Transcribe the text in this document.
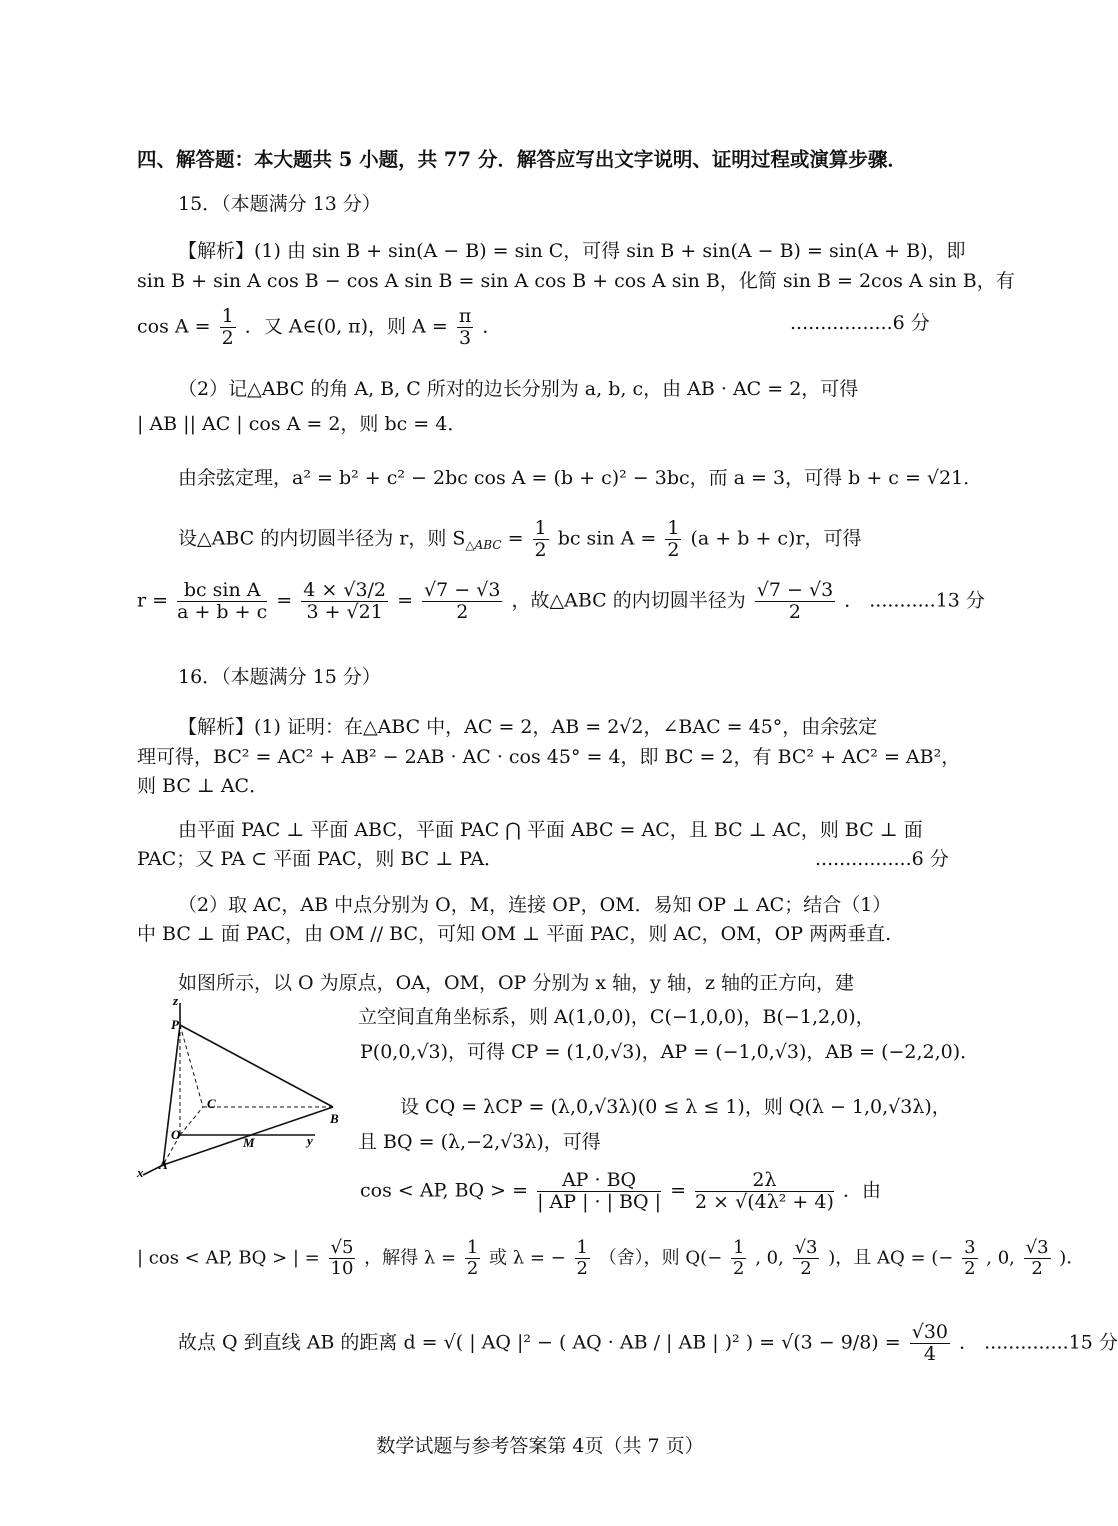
四、解答题：本大题共 5 小题，共 77 分．解答应写出文字说明、证明过程或演算步骤．
15．（本题满分 13 分）
【解析】(1) 由 sin B + sin(A − B) = sin C，可得 sin B + sin(A − B) = sin(A + B)，即
sin B + sin A cos B − cos A sin B = sin A cos B + cos A sin B，化简 sin B = 2cos A sin B，有
$\cos A = \frac{1}{2}$ ．又 A∈(0, π)，则 $A = \frac{\pi}{3}$ ．	.................6 分
（2）记△ABC 的角 A, B, C 所对的边长分别为 a, b, c，由 AB · AC = 2，可得
| AB || AC | cos A = 2，则 bc = 4．
由余弦定理，a² = b² + c² − 2bc cos A = (b + c)² − 3bc，而 a = 3，可得 b + c = √21．
设△ABC 的内切圆半径为 r，则 $S_{\triangle ABC} = \frac{1}{2}$ bc $\sin A = \frac{1}{2} (a + b + c)r$，可得
$r = \frac{\text{bc sin A}}{a + b + c} = \frac{4 \times √3/2}{3 + √21} = \frac{√7 - √3}{2}$ ，故△ABC 的内切圆半径为 $\frac{√7 - √3}{2}$ ． ...........13 分
16．（本题满分 15 分）
【解析】(1) 证明：在△ABC 中，AC = 2，AB = 2√2，∠BAC = 45°，由余弦定
理可得，BC² = AC² + AB² − 2AB · AC · cos 45° = 4，即 BC = 2，有 BC² + AC² = AB²，
则 BC ⊥ AC．
由平面 PAC ⊥ 平面 ABC，平面 PAC ⋂ 平面 ABC = AC，且 BC ⊥ AC，则 BC ⊥ 面
PAC；又 PA ⊂ 平面 PAC，则 BC ⊥ PA．	................6 分
（2）取 AC，AB 中点分别为 O，M，连接 OP，OM．易知 OP ⊥ AC；结合（1）
中 BC ⊥ 面 PAC，由 OM // BC，可知 OM ⊥ 平面 PAC，则 AC，OM，OP 两两垂直.
如图所示，以 O 为原点，OA，OM，OP 分别为 x 轴，y 轴，z 轴的正方向，建
z
P
C
B
O
M	y
x
A
立空间直角坐标系，则 A(1,0,0)，C(−1,0,0)，B(−1,2,0)，
P(0,0,√3)，可得 CP = (1,0,√3)，AP = (−1,0,√3)，AB = (−2,2,0)．
设 CQ = λCP = (λ,0,√3λ)(0 ≤ λ ≤ 1)，则 Q(λ − 1,0,√3λ)，
且 BQ = (λ,−2,√3λ)，可得
cos < AP, BQ > = $\frac{AP \cdot BQ}{| AP | \cdot | BQ |} = \frac{2\lambda}{\text{2 × √(4λ² + 4)}}$ ．由
| cos < AP, BQ > | = $\frac{√5}{10}$ ，解得 $\lambda = \frac{1}{2}$ 或 λ = − $\frac{1}{2}$ （舍），则 $Q(- \frac{1}{2}$ , 0, $\frac{√3}{2}$ )，且 AQ = (− $\frac{3}{2}$ , 0, $\frac{√3}{2}$ )．
故点 Q 到直线 AB 的距离 d = √( | AQ |² − ( AQ · AB / | AB | )² ) = $√(3 - 9/8) = \frac{√30}{4}$ ． ..............15 分
数学试题与参考答案第 4页（共 7 页）
